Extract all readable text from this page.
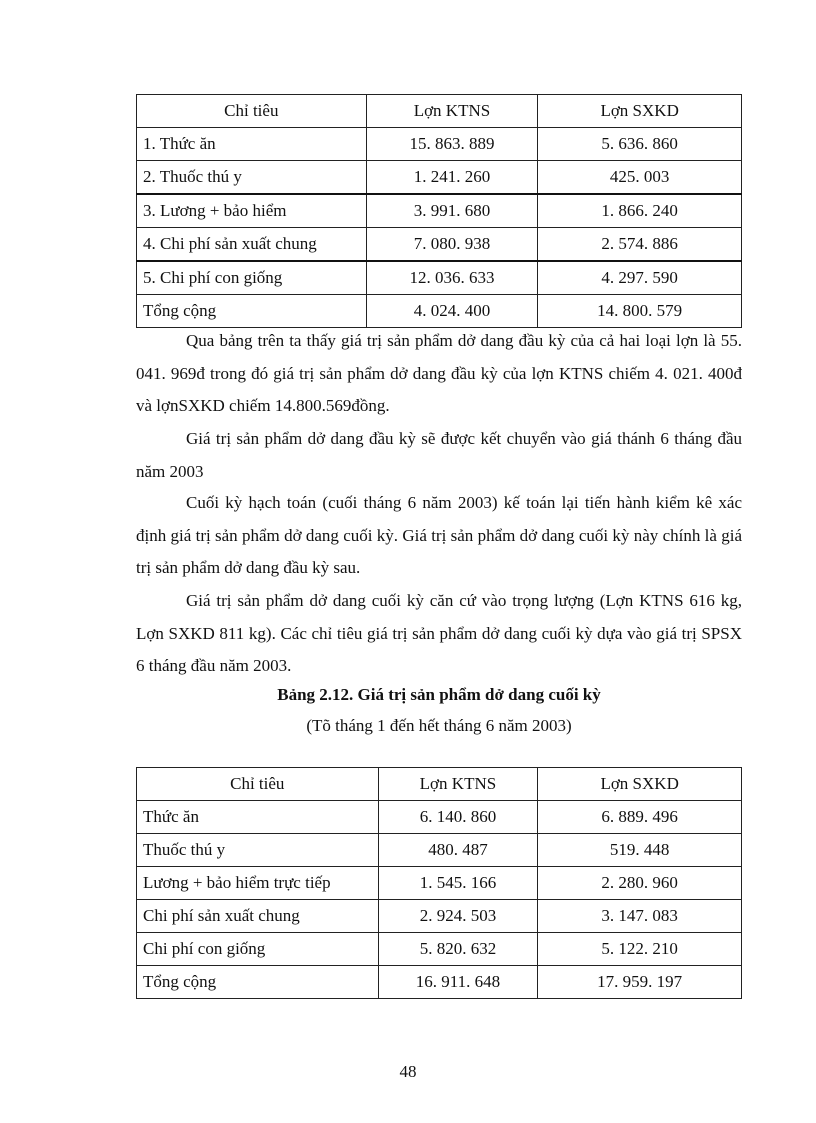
Chỉ tiêu	Lợn KTNS	Lợn SXKD
1. Thức ăn	15. 863. 889	5. 636. 860
2. Thuốc thú y	1. 241. 260	425. 003
3. Lương + bảo hiểm	3. 991. 680	1. 866. 240
4. Chi phí sản xuất chung	7. 080. 938	2. 574. 886
5. Chi phí con giống	12. 036. 633	4. 297. 590
Tổng cộng	4. 024. 400	14. 800. 579

Qua bảng trên ta thấy giá trị sản phẩm dở dang đầu kỳ của cả hai loại lợn là 55. 041. 969đ trong đó giá trị sản phẩm dở dang đầu kỳ của lợn KTNS chiếm 4. 021. 400đ và lợnSXKD chiếm 14.800.569đồng.

Giá trị sản phẩm dở dang đầu kỳ sẽ được kết chuyển vào giá thánh 6 tháng đầu năm 2003

Cuối kỳ hạch toán (cuối tháng 6 năm 2003) kế toán lại tiến hành kiểm kê xác định giá trị sản phẩm dở dang cuối kỳ. Giá trị sản phẩm dở dang cuối kỳ này chính là giá trị sản phẩm dở dang đầu kỳ sau.

Giá trị sản phẩm dở dang cuối kỳ căn cứ vào trọng lượng (Lợn KTNS 616 kg, Lợn SXKD 811 kg). Các chỉ tiêu giá trị sản phẩm dở dang cuối kỳ dựa vào giá trị SPSX 6 tháng đầu năm 2003.

Bảng 2.12. Giá trị sản phẩm dở dang cuối kỳ

(Tõ tháng 1 đến hết tháng 6 năm 2003)

Chỉ tiêu	Lợn KTNS	Lợn SXKD
Thức ăn	6. 140. 860	6. 889. 496
Thuốc thú y	480. 487	519. 448
Lương + bảo hiểm trực tiếp	1. 545. 166	2. 280. 960
Chi phí sản xuất chung	2. 924. 503	3. 147. 083
Chi phí con giống	5. 820. 632	5. 122. 210
Tổng cộng	16. 911. 648	17. 959. 197
48
